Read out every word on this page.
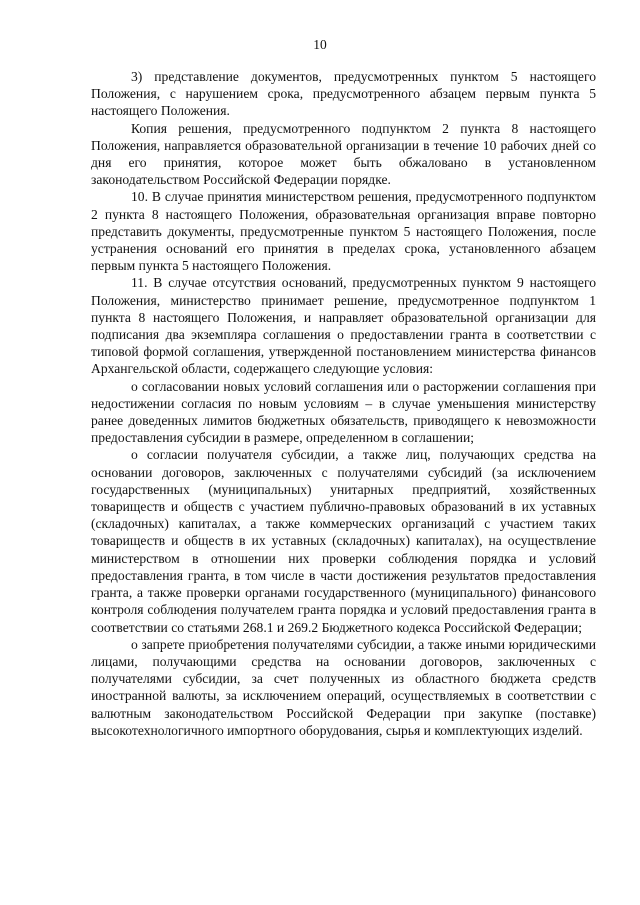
10

3) представление документов, предусмотренных пунктом 5 настоящего Положения, с нарушением срока, предусмотренного абзацем первым пункта 5 настоящего Положения.

Копия решения, предусмотренного подпунктом 2 пункта 8 настоящего Положения, направляется образовательной организации в течение 10 рабочих дней со дня его принятия, которое может быть обжаловано в установленном законодательством Российской Федерации порядке.

10. В случае принятия министерством решения, предусмотренного подпунктом 2 пункта 8 настоящего Положения, образовательная организация вправе повторно представить документы, предусмотренные пунктом 5 настоящего Положения, после устранения оснований его принятия в пределах срока, установленного абзацем первым пункта 5 настоящего Положения.

11. В случае отсутствия оснований, предусмотренных пунктом 9 настоящего Положения, министерство принимает решение, предусмотренное подпунктом 1 пункта 8 настоящего Положения, и направляет образовательной организации для подписания два экземпляра соглашения о предоставлении гранта в соответствии с типовой формой соглашения, утвержденной постановлением министерства финансов Архангельской области, содержащего следующие условия:

о согласовании новых условий соглашения или о расторжении соглашения при недостижении согласия по новым условиям – в случае уменьшения министерству ранее доведенных лимитов бюджетных обязательств, приводящего к невозможности предоставления субсидии в размере, определенном в соглашении;

о согласии получателя субсидии, а также лиц, получающих средства на основании договоров, заключенных с получателями субсидий (за исключением государственных (муниципальных) унитарных предприятий, хозяйственных товариществ и обществ с участием публично-правовых образований в их уставных (складочных) капиталах, а также коммерческих организаций с участием таких товариществ и обществ в их уставных (складочных) капиталах), на осуществление министерством в отношении них проверки соблюдения порядка и условий предоставления гранта, в том числе в части достижения результатов предоставления гранта, а также проверки органами государственного (муниципального) финансового контроля соблюдения получателем гранта порядка и условий предоставления гранта в соответствии со статьями 268.1 и 269.2 Бюджетного кодекса Российской Федерации;

о запрете приобретения получателями субсидии, а также иными юридическими лицами, получающими средства на основании договоров, заключенных с получателями субсидии, за счет полученных из областного бюджета средств иностранной валюты, за исключением операций, осуществляемых в соответствии с валютным законодательством Российской Федерации при закупке (поставке) высокотехнологичного импортного оборудования, сырья и комплектующих изделий.
